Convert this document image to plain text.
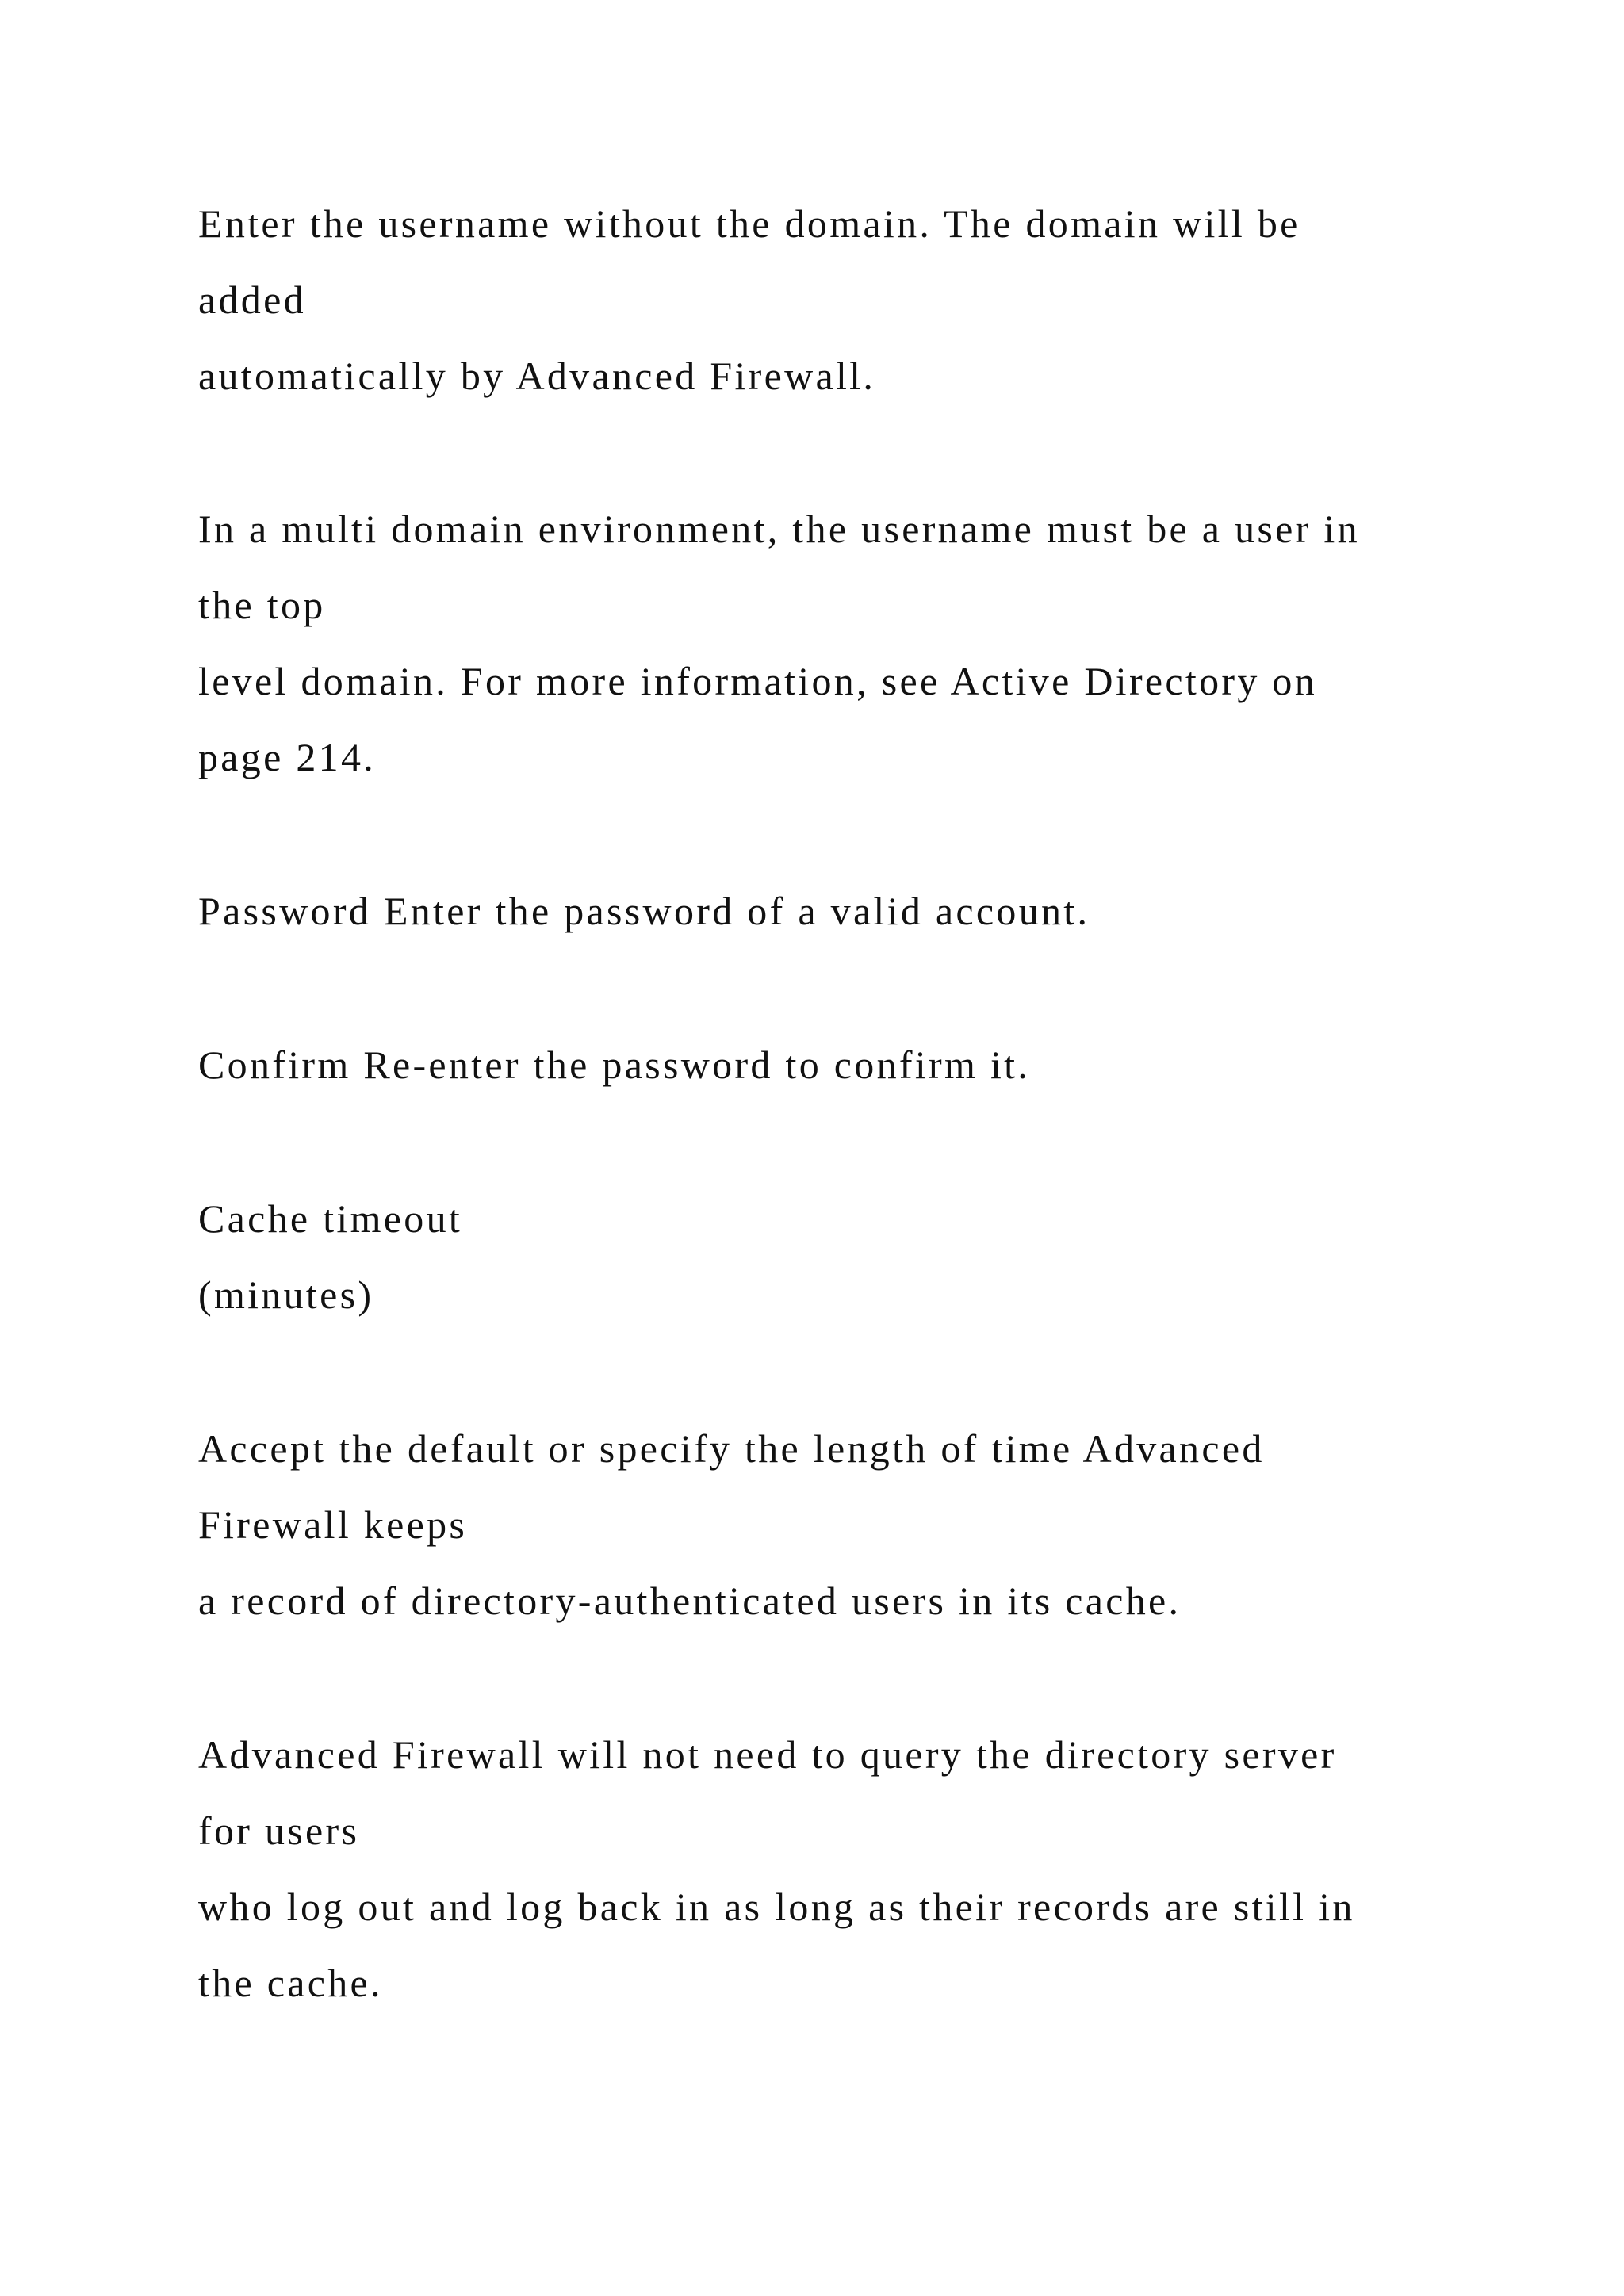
Enter the username without the domain. The domain will be

added

automatically by Advanced Firewall.

In a multi domain environment, the username must be a user in

the top

level domain. For more information, see Active Directory on

page 214.

Password Enter the password of a valid account.

Confirm Re-enter the password to confirm it.

Cache timeout

(minutes)

Accept the default or specify the length of time Advanced

Firewall keeps

a record of directory-authenticated users in its cache.

Advanced Firewall will not need to query the directory server

for users

who log out and log back in as long as their records are still in

the cache.
